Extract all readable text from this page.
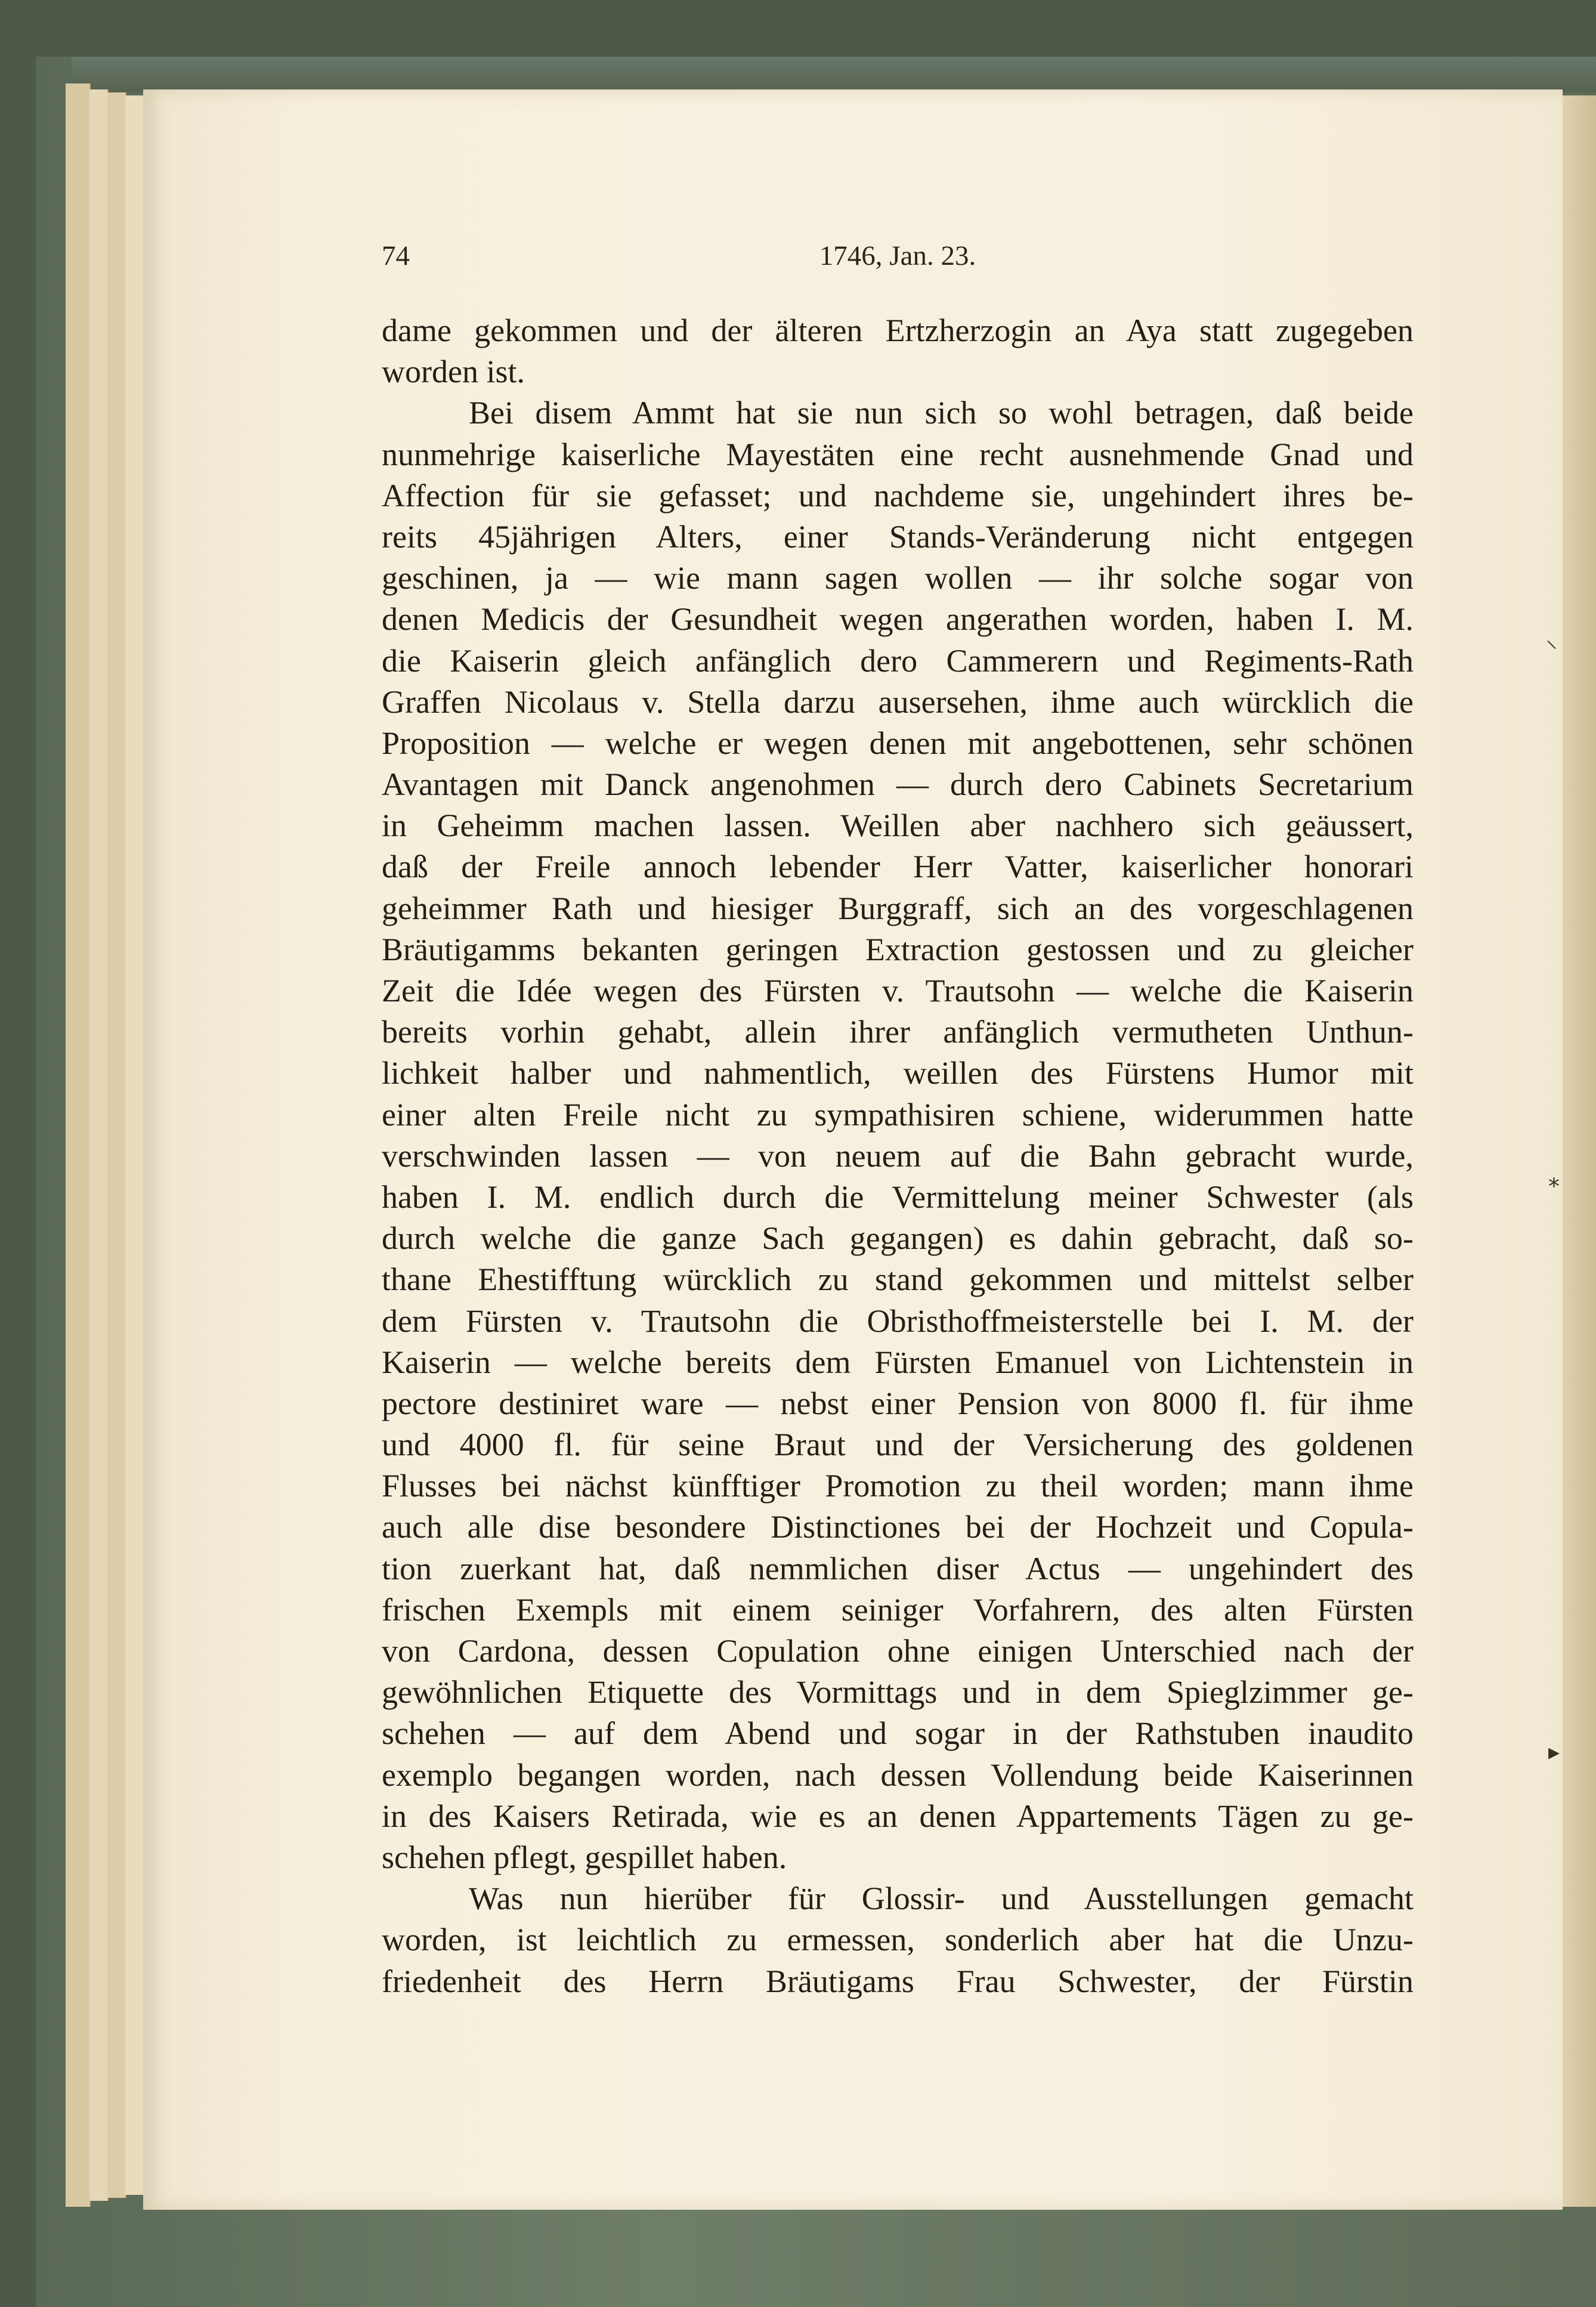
74	1746, Jan. 23.
dame gekommen und der älteren Ertzherzogin an Aya statt zugegeben
worden ist.
Bei disem Ammt hat sie nun sich so wohl betragen, daß beide
nunmehrige kaiserliche Mayestäten eine recht ausnehmende Gnad und
Affection für sie gefasset; und nachdeme sie, ungehindert ihres be-
reits 45jährigen Alters, einer Stands-Veränderung nicht entgegen
geschinen, ja — wie mann sagen wollen — ihr solche sogar von
denen Medicis der Gesundheit wegen angerathen worden, haben I. M.
die Kaiserin gleich anfänglich dero Cammerern und Regiments-Rath
Graffen Nicolaus v. Stella darzu ausersehen, ihme auch würcklich die
Proposition — welche er wegen denen mit angebottenen, sehr schönen
Avantagen mit Danck angenohmen — durch dero Cabinets Secretarium
in Geheimm machen lassen. Weillen aber nachhero sich geäussert,
daß der Freile annoch lebender Herr Vatter, kaiserlicher honorari
geheimmer Rath und hiesiger Burggraff, sich an des vorgeschlagenen
Bräutigamms bekanten geringen Extraction gestossen und zu gleicher
Zeit die Idée wegen des Fürsten v. Trautsohn — welche die Kaiserin
bereits vorhin gehabt, allein ihrer anfänglich vermutheten Unthun-
lichkeit halber und nahmentlich, weillen des Fürstens Humor mit
einer alten Freile nicht zu sympathisiren schiene, widerummen hatte
verschwinden lassen — von neuem auf die Bahn gebracht wurde,
haben I. M. endlich durch die Vermittelung meiner Schwester (als
durch welche die ganze Sach gegangen) es dahin gebracht, daß so-
thane Ehestifftung würcklich zu stand gekommen und mittelst selber
dem Fürsten v. Trautsohn die Obristhoffmeisterstelle bei I. M. der
Kaiserin — welche bereits dem Fürsten Emanuel von Lichtenstein in
pectore destiniret ware — nebst einer Pension von 8000 fl. für ihme
und 4000 fl. für seine Braut und der Versicherung des goldenen
Flusses bei nächst künfftiger Promotion zu theil worden; mann ihme
auch alle dise besondere Distinctiones bei der Hochzeit und Copula-
tion zuerkant hat, daß nemmlichen diser Actus — ungehindert des
frischen Exempls mit einem seiniger Vorfahrern, des alten Fürsten
von Cardona, dessen Copulation ohne einigen Unterschied nach der
gewöhnlichen Etiquette des Vormittags und in dem Spieglzimmer ge-
schehen — auf dem Abend und sogar in der Rathstuben inaudito
exemplo begangen worden, nach dessen Vollendung beide Kaiserinnen
in des Kaisers Retirada, wie es an denen Appartements Tägen zu ge-
schehen pflegt, gespillet haben.
Was nun hierüber für Glossir- und Ausstellungen gemacht
worden, ist leichtlich zu ermessen, sonderlich aber hat die Unzu-
friedenheit des Herrn Bräutigams Frau Schwester, der Fürstin
⸜
⁎
▸
